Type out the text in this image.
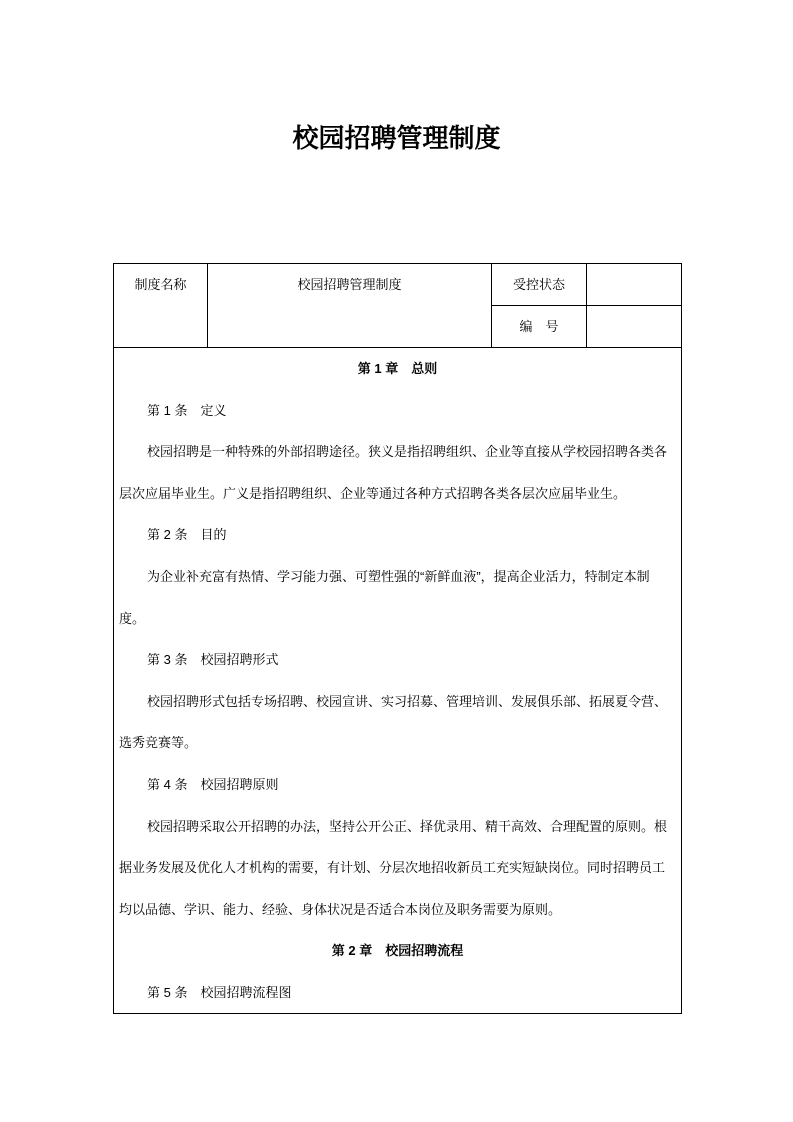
校园招聘管理制度
制度名称	校园招聘管理制度	受控状态
编　号
第 1 章　总则
第 1 条　定义
校园招聘是一种特殊的外部招聘途径。狭义是指招聘组织、企业等直接从学校园招聘各类各
层次应届毕业生。广义是指招聘组织、企业等通过各种方式招聘各类各层次应届毕业生。
第 2 条　目的
为企业补充富有热情、学习能力强、可塑性强的“新鲜血液”，提高企业活力，特制定本制
度。
第 3 条　校园招聘形式
校园招聘形式包括专场招聘、校园宣讲、实习招募、管理培训、发展俱乐部、拓展夏令营、
选秀竞赛等。
第 4 条　校园招聘原则
校园招聘采取公开招聘的办法，坚持公开公正、择优录用、精干高效、合理配置的原则。根
据业务发展及优化人才机构的需要，有计划、分层次地招收新员工充实短缺岗位。同时招聘员工
均以品德、学识、能力、经验、身体状况是否适合本岗位及职务需要为原则。
第 2 章　校园招聘流程
第 5 条　校园招聘流程图
